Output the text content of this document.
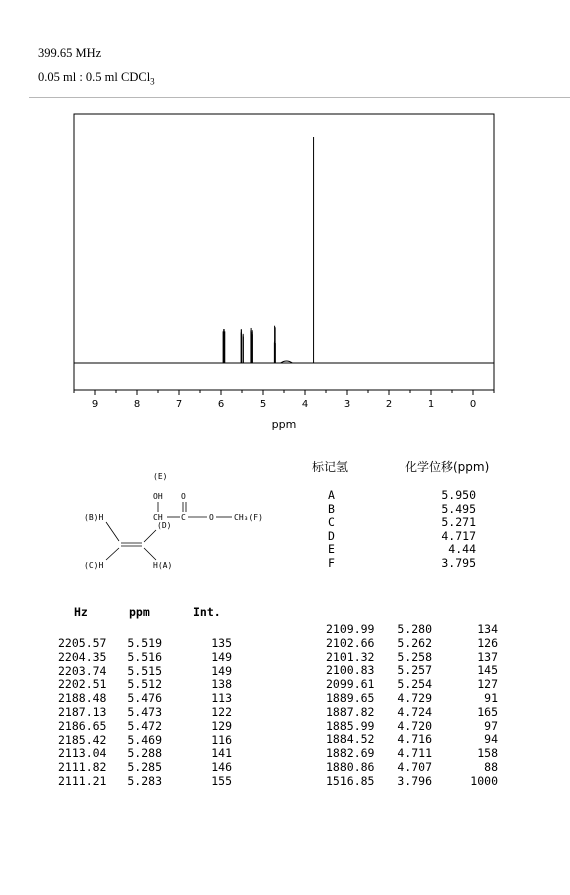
399.65 MHz
0.05 ml : 0.5 ml CDCl$_3$
9	8	7	6	5	4	3	2	1	0
ppm
标记氢	化学位移(ppm)
A	5.950
B	5.495
C	5.271
D	4.717
E	4.44
F	3.795
(E)
OH O
(B)H	CH C	O	CH₃(F)
(D)
(C)H	H(A)
Hz	ppm	Int.
2205.57	5.519	135
2204.35	5.516	149
2203.74	5.515	149
2202.51	5.512	138
2188.48	5.476	113
2187.13	5.473	122
2186.65	5.472	129
2185.42	5.469	116
2113.04	5.288	141
2111.82	5.285	146
2111.21	5.283	155
2109.99	5.280	134
2102.66	5.262	126
2101.32	5.258	137
2100.83	5.257	145
2099.61	5.254	127
1889.65	4.729	91
1887.82	4.724	165
1885.99	4.720	97
1884.52	4.716	94
1882.69	4.711	158
1880.86	4.707	88
1516.85	3.796	1000
